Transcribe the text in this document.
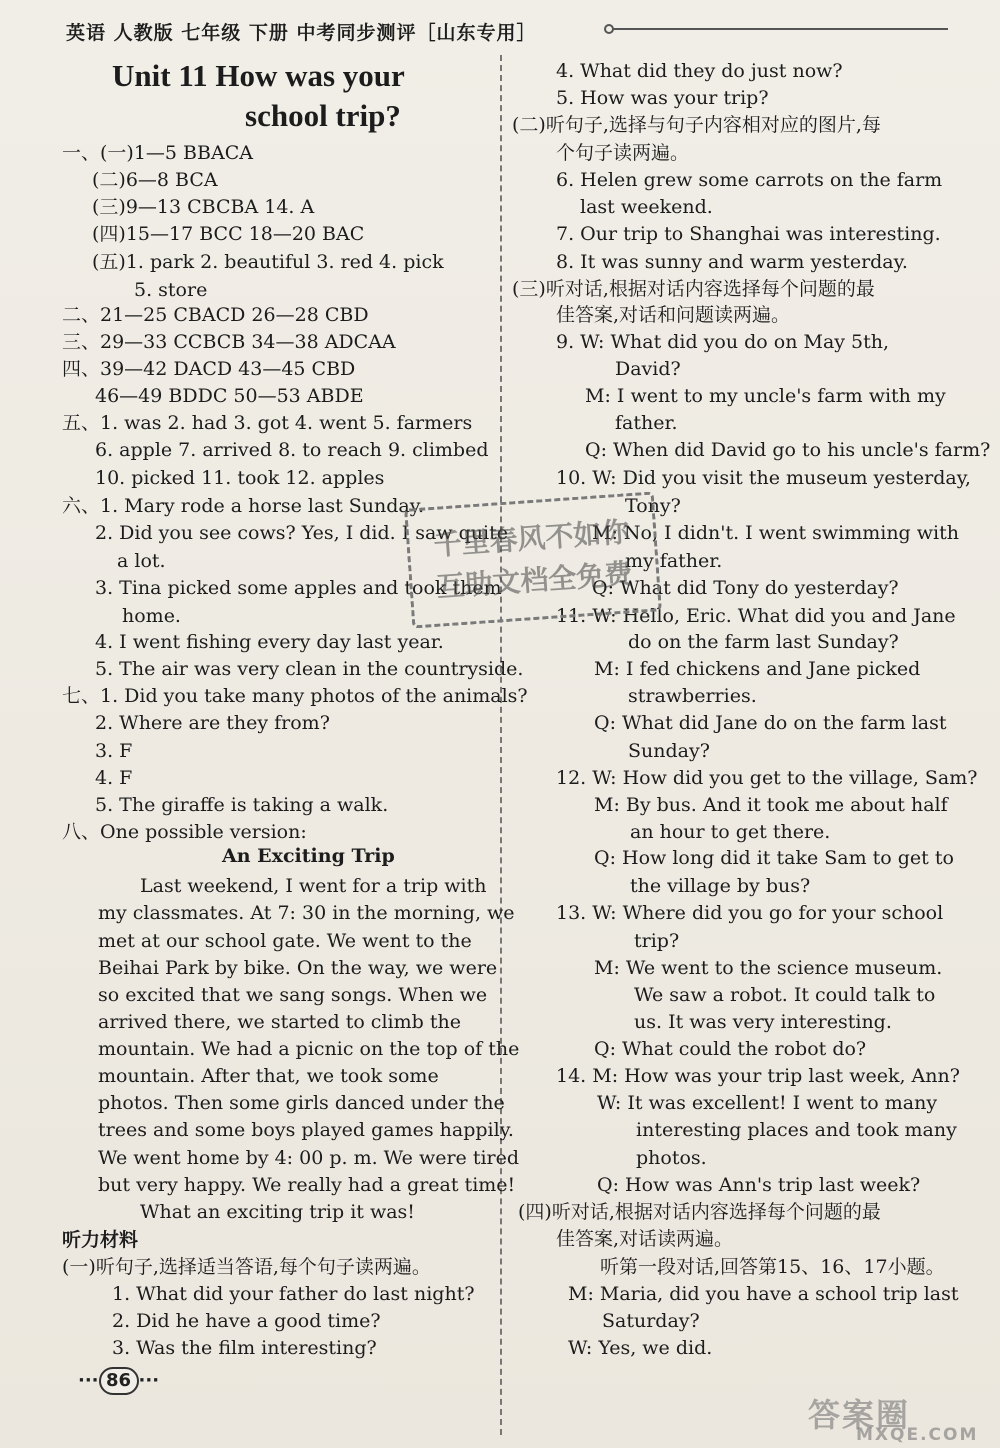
英语 人教版 七年级 下册 中考同步测评［山东专用］
Unit 11 How was your
school trip?
一、(一)1—5 BBACA
(二)6—8 BCA
(三)9—13 CBCBA 14. A
(四)15—17 BCC 18—20 BAC
(五)1. park 2. beautiful 3. red 4. pick
5. store
二、21—25 CBACD 26—28 CBD
三、29—33 CCBCB 34—38 ADCAA
四、39—42 DACD 43—45 CBD
46—49 BDDC 50—53 ABDE
五、1. was 2. had 3. got 4. went 5. farmers
6. apple 7. arrived 8. to reach 9. climbed
10. picked 11. took 12. apples
六、1. Mary rode a horse last Sunday.
2. Did you see cows? Yes, I did. I saw quite
a lot.
3. Tina picked some apples and took them
home.
4. I went fishing every day last year.
5. The air was very clean in the countryside.
七、1. Did you take many photos of the animals?
2. Where are they from?
3. F
4. F
5. The giraffe is taking a walk.
八、One possible version:
An Exciting Trip
Last weekend, I went for a trip with
my classmates. At 7: 30 in the morning, we
met at our school gate. We went to the
Beihai Park by bike. On the way, we were
so excited that we sang songs. When we
arrived there, we started to climb the
mountain. We had a picnic on the top of the
mountain. After that, we took some
photos. Then some girls danced under the
trees and some boys played games happily.
We went home by 4: 00 p. m. We were tired
but very happy. We really had a great time!
What an exciting trip it was!
听力材料
(一)听句子,选择适当答语,每个句子读两遍。
1. What did your father do last night?
2. Did he have a good time?
3. Was the film interesting?
4. What did they do just now?
5. How was your trip?
(二)听句子,选择与句子内容相对应的图片,每
个句子读两遍。
6. Helen grew some carrots on the farm
last weekend.
7. Our trip to Shanghai was interesting.
8. It was sunny and warm yesterday.
(三)听对话,根据对话内容选择每个问题的最
佳答案,对话和问题读两遍。
9. W: What did you do on May 5th,
David?
M: I went to my uncle's farm with my
father.
Q: When did David go to his uncle's farm?
10. W: Did you visit the museum yesterday,
Tony?
M: No, I didn't. I went swimming with
my father.
Q: What did Tony do yesterday?
11. W: Hello, Eric. What did you and Jane
do on the farm last Sunday?
M: I fed chickens and Jane picked
strawberries.
Q: What did Jane do on the farm last
Sunday?
12. W: How did you get to the village, Sam?
M: By bus. And it took me about half
an hour to get there.
Q: How long did it take Sam to get to
the village by bus?
13. W: Where did you go for your school
trip?
M: We went to the science museum.
We saw a robot. It could talk to
us. It was very interesting.
Q: What could the robot do?
14. M: How was your trip last week, Ann?
W: It was excellent! I went to many
interesting places and took many
photos.
Q: How was Ann's trip last week?
(四)听对话,根据对话内容选择每个问题的最
佳答案,对话读两遍。
听第一段对话,回答第15、16、17小题。
M: Maria, did you have a school trip last
Saturday?
W: Yes, we did.
千里春风不如你
互助文档全免费
··· 86 ···
答案圈
MXQE.COM
